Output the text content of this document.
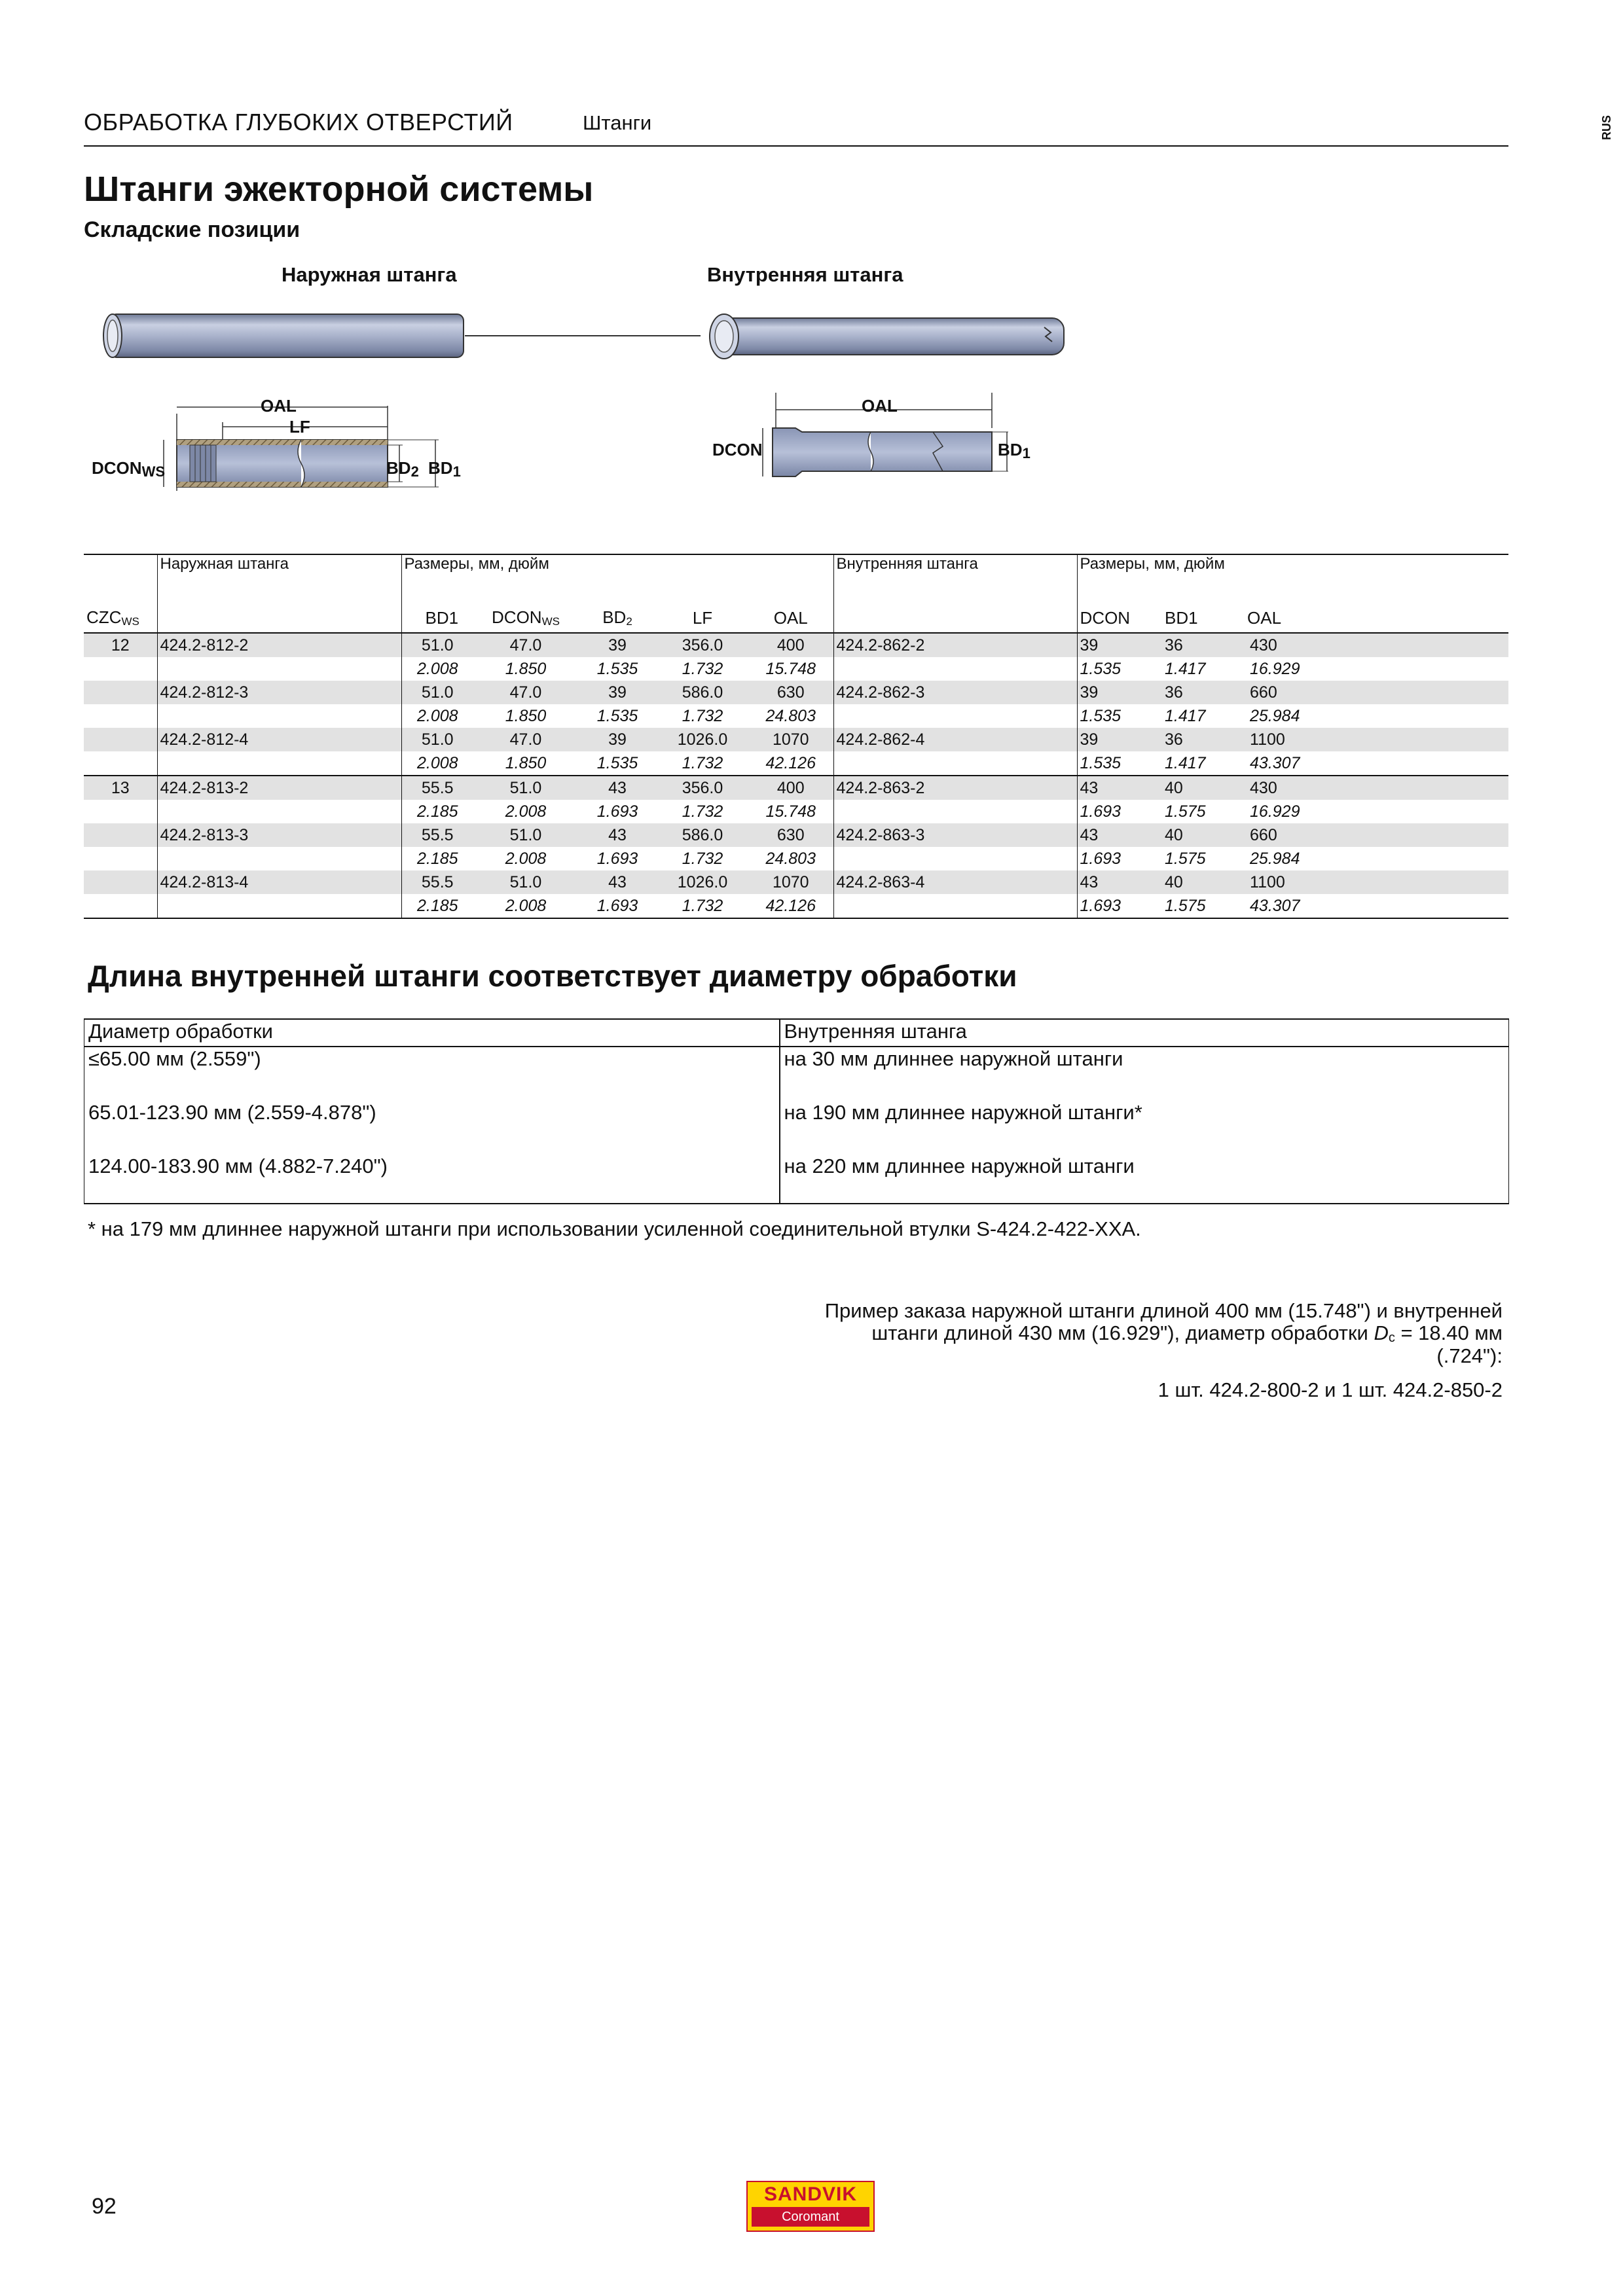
ОБРАБОТКА ГЛУБОКИХ ОТВЕРСТИЙ	Штанги	RUS
Штанги эжекторной системы
Складские позиции
Наружная штанга	Внутренняя штанга
OAL
LF
DCONWS	BD2 BD1
OAL
DCON	BD1
	Наружная штанга	Размеры, мм, дюйм					Внутренняя штанга	Размеры, мм, дюйм		
CZCWS		BD1	DCONWS	BD2	LF	OAL		DCON	BD1	OAL
12	424.2-812-2	51.0	47.0	39	356.0	400	424.2-862-2	39	36	430
		2.008	1.850	1.535	1.732	15.748		1.535	1.417	16.929
	424.2-812-3	51.0	47.0	39	586.0	630	424.2-862-3	39	36	660
		2.008	1.850	1.535	1.732	24.803		1.535	1.417	25.984
	424.2-812-4	51.0	47.0	39	1026.0	1070	424.2-862-4	39	36	1100
		2.008	1.850	1.535	1.732	42.126		1.535	1.417	43.307
13	424.2-813-2	55.5	51.0	43	356.0	400	424.2-863-2	43	40	430
		2.185	2.008	1.693	1.732	15.748		1.693	1.575	16.929
	424.2-813-3	55.5	51.0	43	586.0	630	424.2-863-3	43	40	660
		2.185	2.008	1.693	1.732	24.803		1.693	1.575	25.984
	424.2-813-4	55.5	51.0	43	1026.0	1070	424.2-863-4	43	40	1100
		2.185	2.008	1.693	1.732	42.126		1.693	1.575	43.307
Длина внутренней штанги соответствует диаметру обработки
Диаметр обработки	Внутренняя штанга
≤65.00 мм (2.559")	на 30 мм длиннее наружной штанги
65.01-123.90 мм (2.559-4.878")	на 190 мм длиннее наружной штанги*
124.00-183.90 мм (4.882-7.240")	на 220 мм длиннее наружной штанги
* на 179 мм длиннее наружной штанги при использовании усиленной соединительной втулки S-424.2-422-XXA.
Пример заказа наружной штанги длиной 400 мм (15.748") и внутренней
штанги длиной 430 мм (16.929"), диаметр обработки Dc = 18.40 мм
(.724"):
1 шт. 424.2-800-2 и 1 шт. 424.2-850-2
92	SANDVIK
Coromant
